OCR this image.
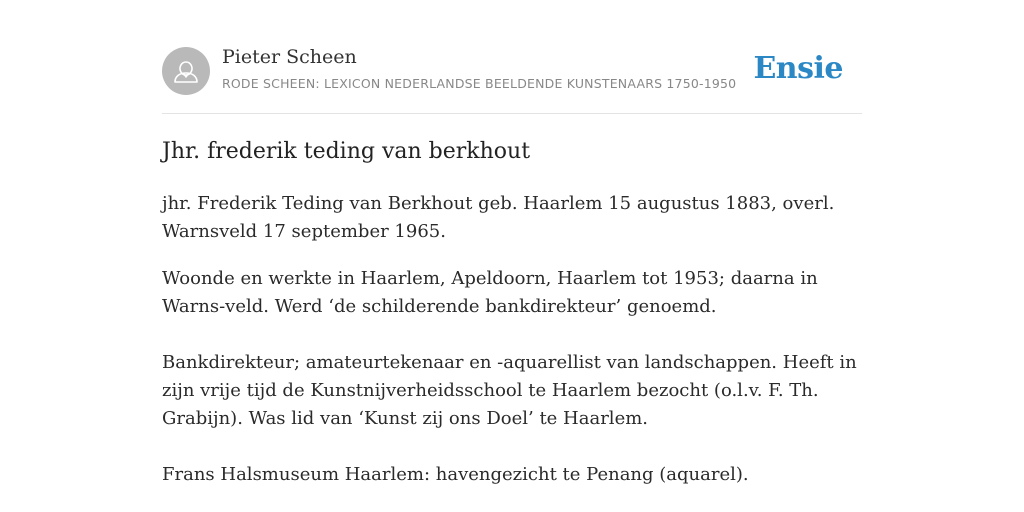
Pieter Scheen
RODE SCHEEN: LEXICON NEDERLANDSE BEELDENDE KUNSTENAARS 1750-1950 Ensie
Jhr. frederik teding van berkhout

jhr. Frederik Teding van Berkhout geb. Haarlem 15 augustus 1883, overl. Warnsveld 17 september 1965.

Woonde en werkte in Haarlem, Apeldoorn, Haarlem tot 1953; daarna in Warns-veld. Werd ‘de schilderende bankdirekteur’ genoemd.

Bankdirekteur; amateurtekenaar en -aquarellist van landschappen. Heeft in zijn vrije tijd de Kunstnijverheidsschool te Haarlem bezocht (o.l.v. F. Th. Grabijn). Was lid van ‘Kunst zij ons Doel’ te Haarlem.

Frans Halsmuseum Haarlem: havengezicht te Penang (aquarel).
